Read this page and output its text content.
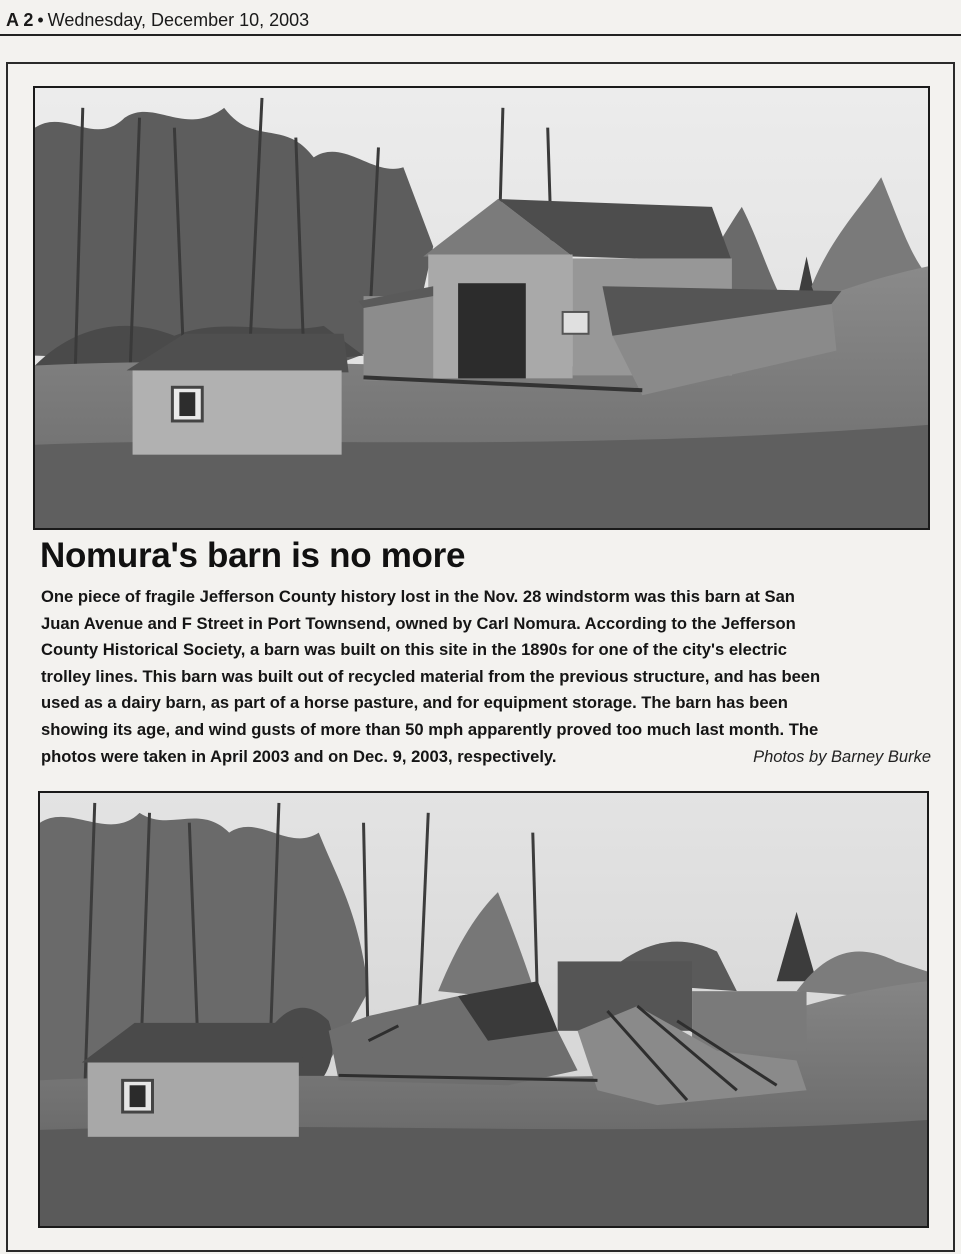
A 2 • Wednesday, December 10, 2003
Nomura's barn is no more
One piece of fragile Jefferson County history lost in the Nov. 28 windstorm was this barn at San
Juan Avenue and F Street in Port Townsend, owned by Carl Nomura. According to the Jefferson
County Historical Society, a barn was built on this site in the 1890s for one of the city's electric
trolley lines. This barn was built out of recycled material from the previous structure, and has been
used as a dairy barn, as part of a horse pasture, and for equipment storage. The barn has been
showing its age, and wind gusts of more than 50 mph apparently proved too much last month. The
photos were taken in April 2003 and on Dec. 9, 2003, respectively.	Photos by Barney Burke
